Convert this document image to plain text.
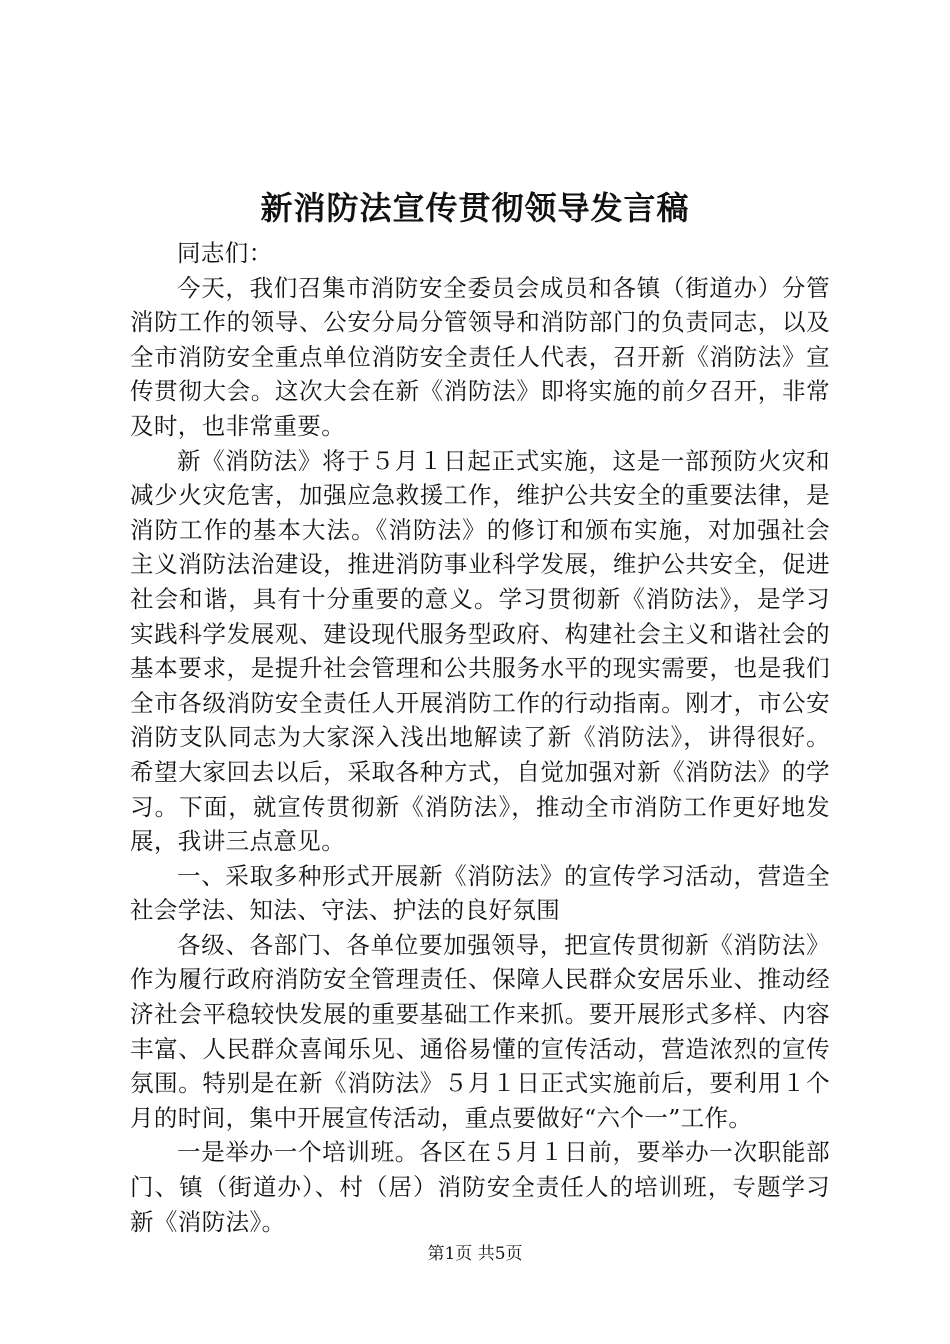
新消防法宣传贯彻领导发言稿

同志们：

今天，我们召集市消防安全委员会成员和各镇（街道办）分管消防工作的领导、公安分局分管领导和消防部门的负责同志，以及全市消防安全重点单位消防安全责任人代表，召开新《消防法》宣传贯彻大会。这次大会在新《消防法》即将实施的前夕召开，非常及时，也非常重要。

新《消防法》将于５月１日起正式实施，这是一部预防火灾和减少火灾危害，加强应急救援工作，维护公共安全的重要法律，是消防工作的基本大法。《消防法》的修订和颁布实施，对加强社会主义消防法治建设，推进消防事业科学发展，维护公共安全，促进社会和谐，具有十分重要的意义。学习贯彻新《消防法》，是学习实践科学发展观、建设现代服务型政府、构建社会主义和谐社会的基本要求，是提升社会管理和公共服务水平的现实需要，也是我们全市各级消防安全责任人开展消防工作的行动指南。刚才，市公安消防支队同志为大家深入浅出地解读了新《消防法》，讲得很好。希望大家回去以后，采取各种方式，自觉加强对新《消防法》的学习。下面，就宣传贯彻新《消防法》，推动全市消防工作更好地发展，我讲三点意见。

一、采取多种形式开展新《消防法》的宣传学习活动，营造全社会学法、知法、守法、护法的良好氛围

各级、各部门、各单位要加强领导，把宣传贯彻新《消防法》作为履行政府消防安全管理责任、保障人民群众安居乐业、推动经济社会平稳较快发展的重要基础工作来抓。要开展形式多样、内容丰富、人民群众喜闻乐见、通俗易懂的宣传活动，营造浓烈的宣传氛围。特别是在新《消防法》５月１日正式实施前后，要利用１个月的时间，集中开展宣传活动，重点要做好“六个一”工作。

一是举办一个培训班。各区在５月１日前，要举办一次职能部门、镇（街道办）、村（居）消防安全责任人的培训班，专题学习新《消防法》。

第1页 共5页
